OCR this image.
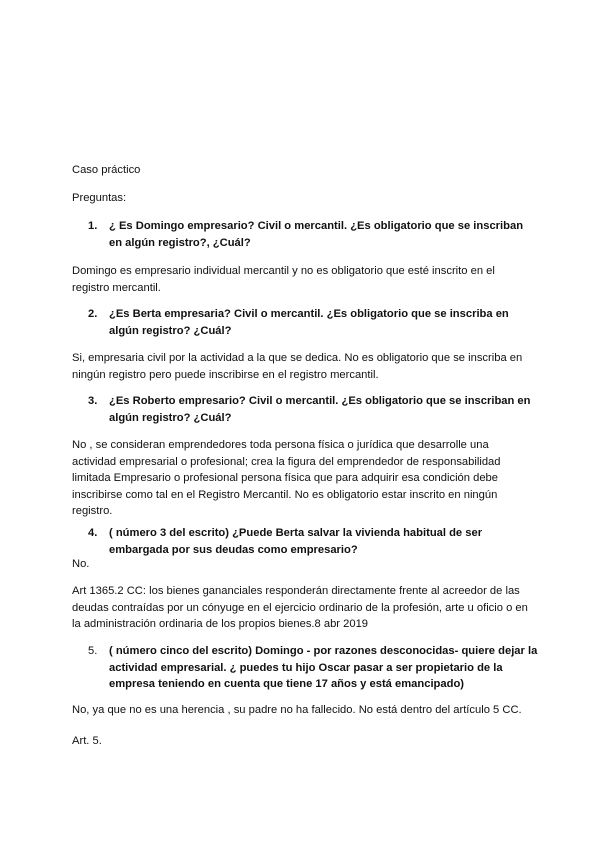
Caso práctico

Preguntas:

1. ¿ Es Domingo empresario? Civil o mercantil. ¿Es obligatorio que se inscriban en algún registro?, ¿Cuál?

Domingo es empresario individual mercantil y no es obligatorio que esté inscrito en el registro mercantil.

2. ¿Es Berta empresaria? Civil o mercantil. ¿Es obligatorio que se inscriba en algún registro? ¿Cuál?

Si, empresaria civil por la actividad a la que se dedica. No es obligatorio que se inscriba en ningún registro pero puede inscribirse en el registro mercantil.

3. ¿Es Roberto empresario? Civil o mercantil. ¿Es obligatorio que se inscriban en algún registro? ¿Cuál?

No , se consideran emprendedores toda persona física o jurídica que desarrolle una actividad empresarial o profesional; crea la figura del emprendedor de responsabilidad limitada Empresario o profesional persona física que para adquirir esa condición debe inscribirse como tal en el Registro Mercantil. No es obligatorio estar inscrito en ningún registro.

4. ( número 3 del escrito) ¿Puede Berta salvar la vivienda habitual de ser embargada por sus deudas como empresario?

No.

Art 1365.2 CC: los bienes gananciales responderán directamente frente al acreedor de las deudas contraídas por un cónyuge en el ejercicio ordinario de la profesión, arte u oficio o en la administración ordinaria de los propios bienes.8 abr 2019

5. ( número cinco del escrito) Domingo - por razones desconocidas- quiere dejar la actividad empresarial. ¿ puedes tu hijo Oscar pasar a ser propietario de la empresa teniendo en cuenta que tiene 17 años y está emancipado)

No, ya que no es una herencia , su padre no ha fallecido. No está dentro del artículo 5 CC.

Art. 5.
